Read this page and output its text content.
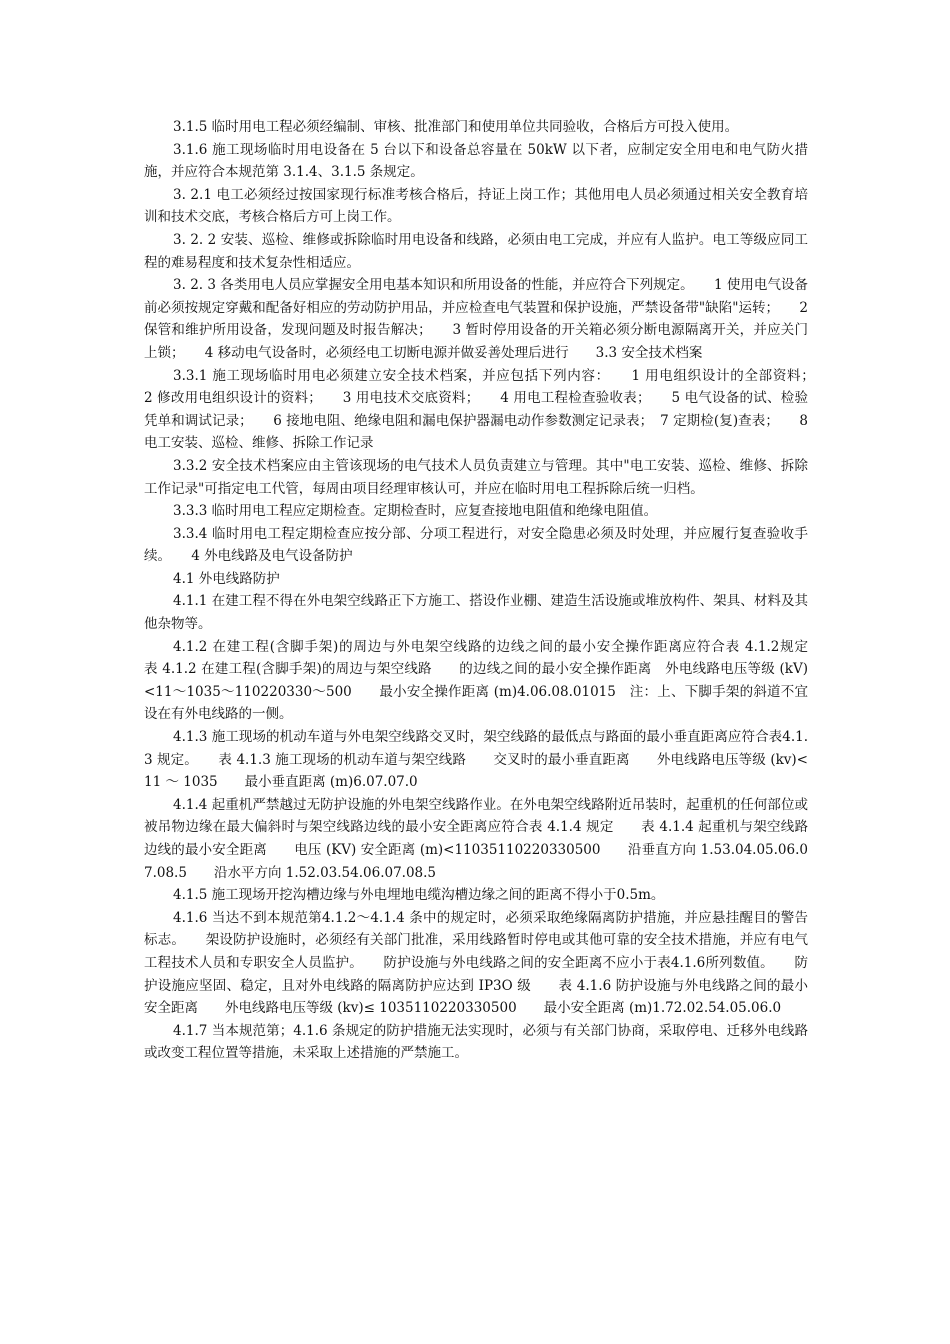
3.1.5 临时用电工程必须经编制、审核、批准部门和使用单位共同验收，合格后方可投入使用。

3.1.6 施工现场临时用电设备在 5 台以下和设备总容量在 50kW 以下者，应制定安全用电和电气防火措施，并应符合本规范第 3.1.4、3.1.5 条规定。

3. 2.1 电工必须经过按国家现行标准考核合格后，持证上岗工作；其他用电人员必须通过相关安全教育培训和技术交底，考核合格后方可上岗工作。

3. 2. 2 安装、巡检、维修或拆除临时用电设备和线路，必须由电工完成，并应有人监护。电工等级应同工程的难易程度和技术复杂性相适应。

3. 2. 3 各类用电人员应掌握安全用电基本知识和所用设备的性能，并应符合下列规定。　　1 使用电气设备前必须按规定穿戴和配备好相应的劳动防护用品，并应检查电气装置和保护设施，严禁设备带"缺陷"运转；　　2 保管和维护所用设备，发现问题及时报告解决；　　3 暂时停用设备的开关箱必须分断电源隔离开关，并应关门上锁；　　4 移动电气设备时，必须经电工切断电源并做妥善处理后进行　　3.3 安全技术档案

3.3.1 施工现场临时用电必须建立安全技术档案，并应包括下列内容：　　1 用电组织设计的全部资料；　　2 修改用电组织设计的资料；　　3 用电技术交底资料；　　4 用电工程检查验收表；　　5 电气设备的试、检验凭单和调试记录；　　6 接地电阻、绝缘电阻和漏电保护器漏电动作参数测定记录表；　7 定期检(复)查表；　　8 电工安装、巡检、维修、拆除工作记录

3.3.2 安全技术档案应由主管该现场的电气技术人员负责建立与管理。其中"电工安装、巡检、维修、拆除工作记录"可指定电工代管，每周由项目经理审核认可，并应在临时用电工程拆除后统一归档。

3.3.3 临时用电工程应定期检查。定期检查时，应复查接地电阻值和绝缘电阻值。

3.3.4 临时用电工程定期检查应按分部、分项工程进行，对安全隐患必须及时处理，并应履行复查验收手续。　　4 外电线路及电气设备防护

4.1 外电线路防护

4.1.1 在建工程不得在外电架空线路正下方施工、搭设作业棚、建造生活设施或堆放构件、架具、材料及其他杂物等。

4.1.2 在建工程(含脚手架)的周边与外电架空线路的边线之间的最小安全操作距离应符合表 4.1.2规定　　表 4.1.2 在建工程(含脚手架)的周边与架空线路　　的边线之间的最小安全操作距离　外电线路电压等级 (kV)<11～1035～110220330～500　　最小安全操作距离 (m)4.06.08.01015　注：上、下脚手架的斜道不宜设在有外电线路的一侧。

4.1.3 施工现场的机动车道与外电架空线路交叉时，架空线路的最低点与路面的最小垂直距离应符合表4.1.3 规定。　　表 4.1.3 施工现场的机动车道与架空线路　　交叉时的最小垂直距离　　外电线路电压等级 (kv)<11 ～ 1035　　最小垂直距离 (m)6.07.07.0

4.1.4 起重机严禁越过无防护设施的外电架空线路作业。在外电架空线路附近吊装时，起重机的任何部位或被吊物边缘在最大偏斜时与架空线路边线的最小安全距离应符合表 4.1.4 规定　　表 4.1.4 起重机与架空线路边线的最小安全距离　　电压 (KV) 安全距离 (m)<11035110220330500　　沿垂直方向 1.53.04.05.06.07.08.5　　沿水平方向 1.52.03.54.06.07.08.5

4.1.5 施工现场开挖沟槽边缘与外电埋地电缆沟槽边缘之间的距离不得小于0.5m。

4.1.6 当达不到本规范第4.1.2～4.1.4 条中的规定时，必须采取绝缘隔离防护措施，并应悬挂醒目的警告标志。　　架设防护设施时，必须经有关部门批准，采用线路暂时停电或其他可靠的安全技术措施，并应有电气工程技术人员和专职安全人员监护。　　防护设施与外电线路之间的安全距离不应小于表4.1.6所列数值。　　防护设施应坚固、稳定，且对外电线路的隔离防护应达到 IP3O 级　　表 4.1.6 防护设施与外电线路之间的最小安全距离　　外电线路电压等级 (kv)≤ 1035110220330500　　最小安全距离 (m)1.72.02.54.05.06.0

4.1.7 当本规范第；4.1.6 条规定的防护措施无法实现时，必须与有关部门协商，采取停电、迁移外电线路或改变工程位置等措施，未采取上述措施的严禁施工。
